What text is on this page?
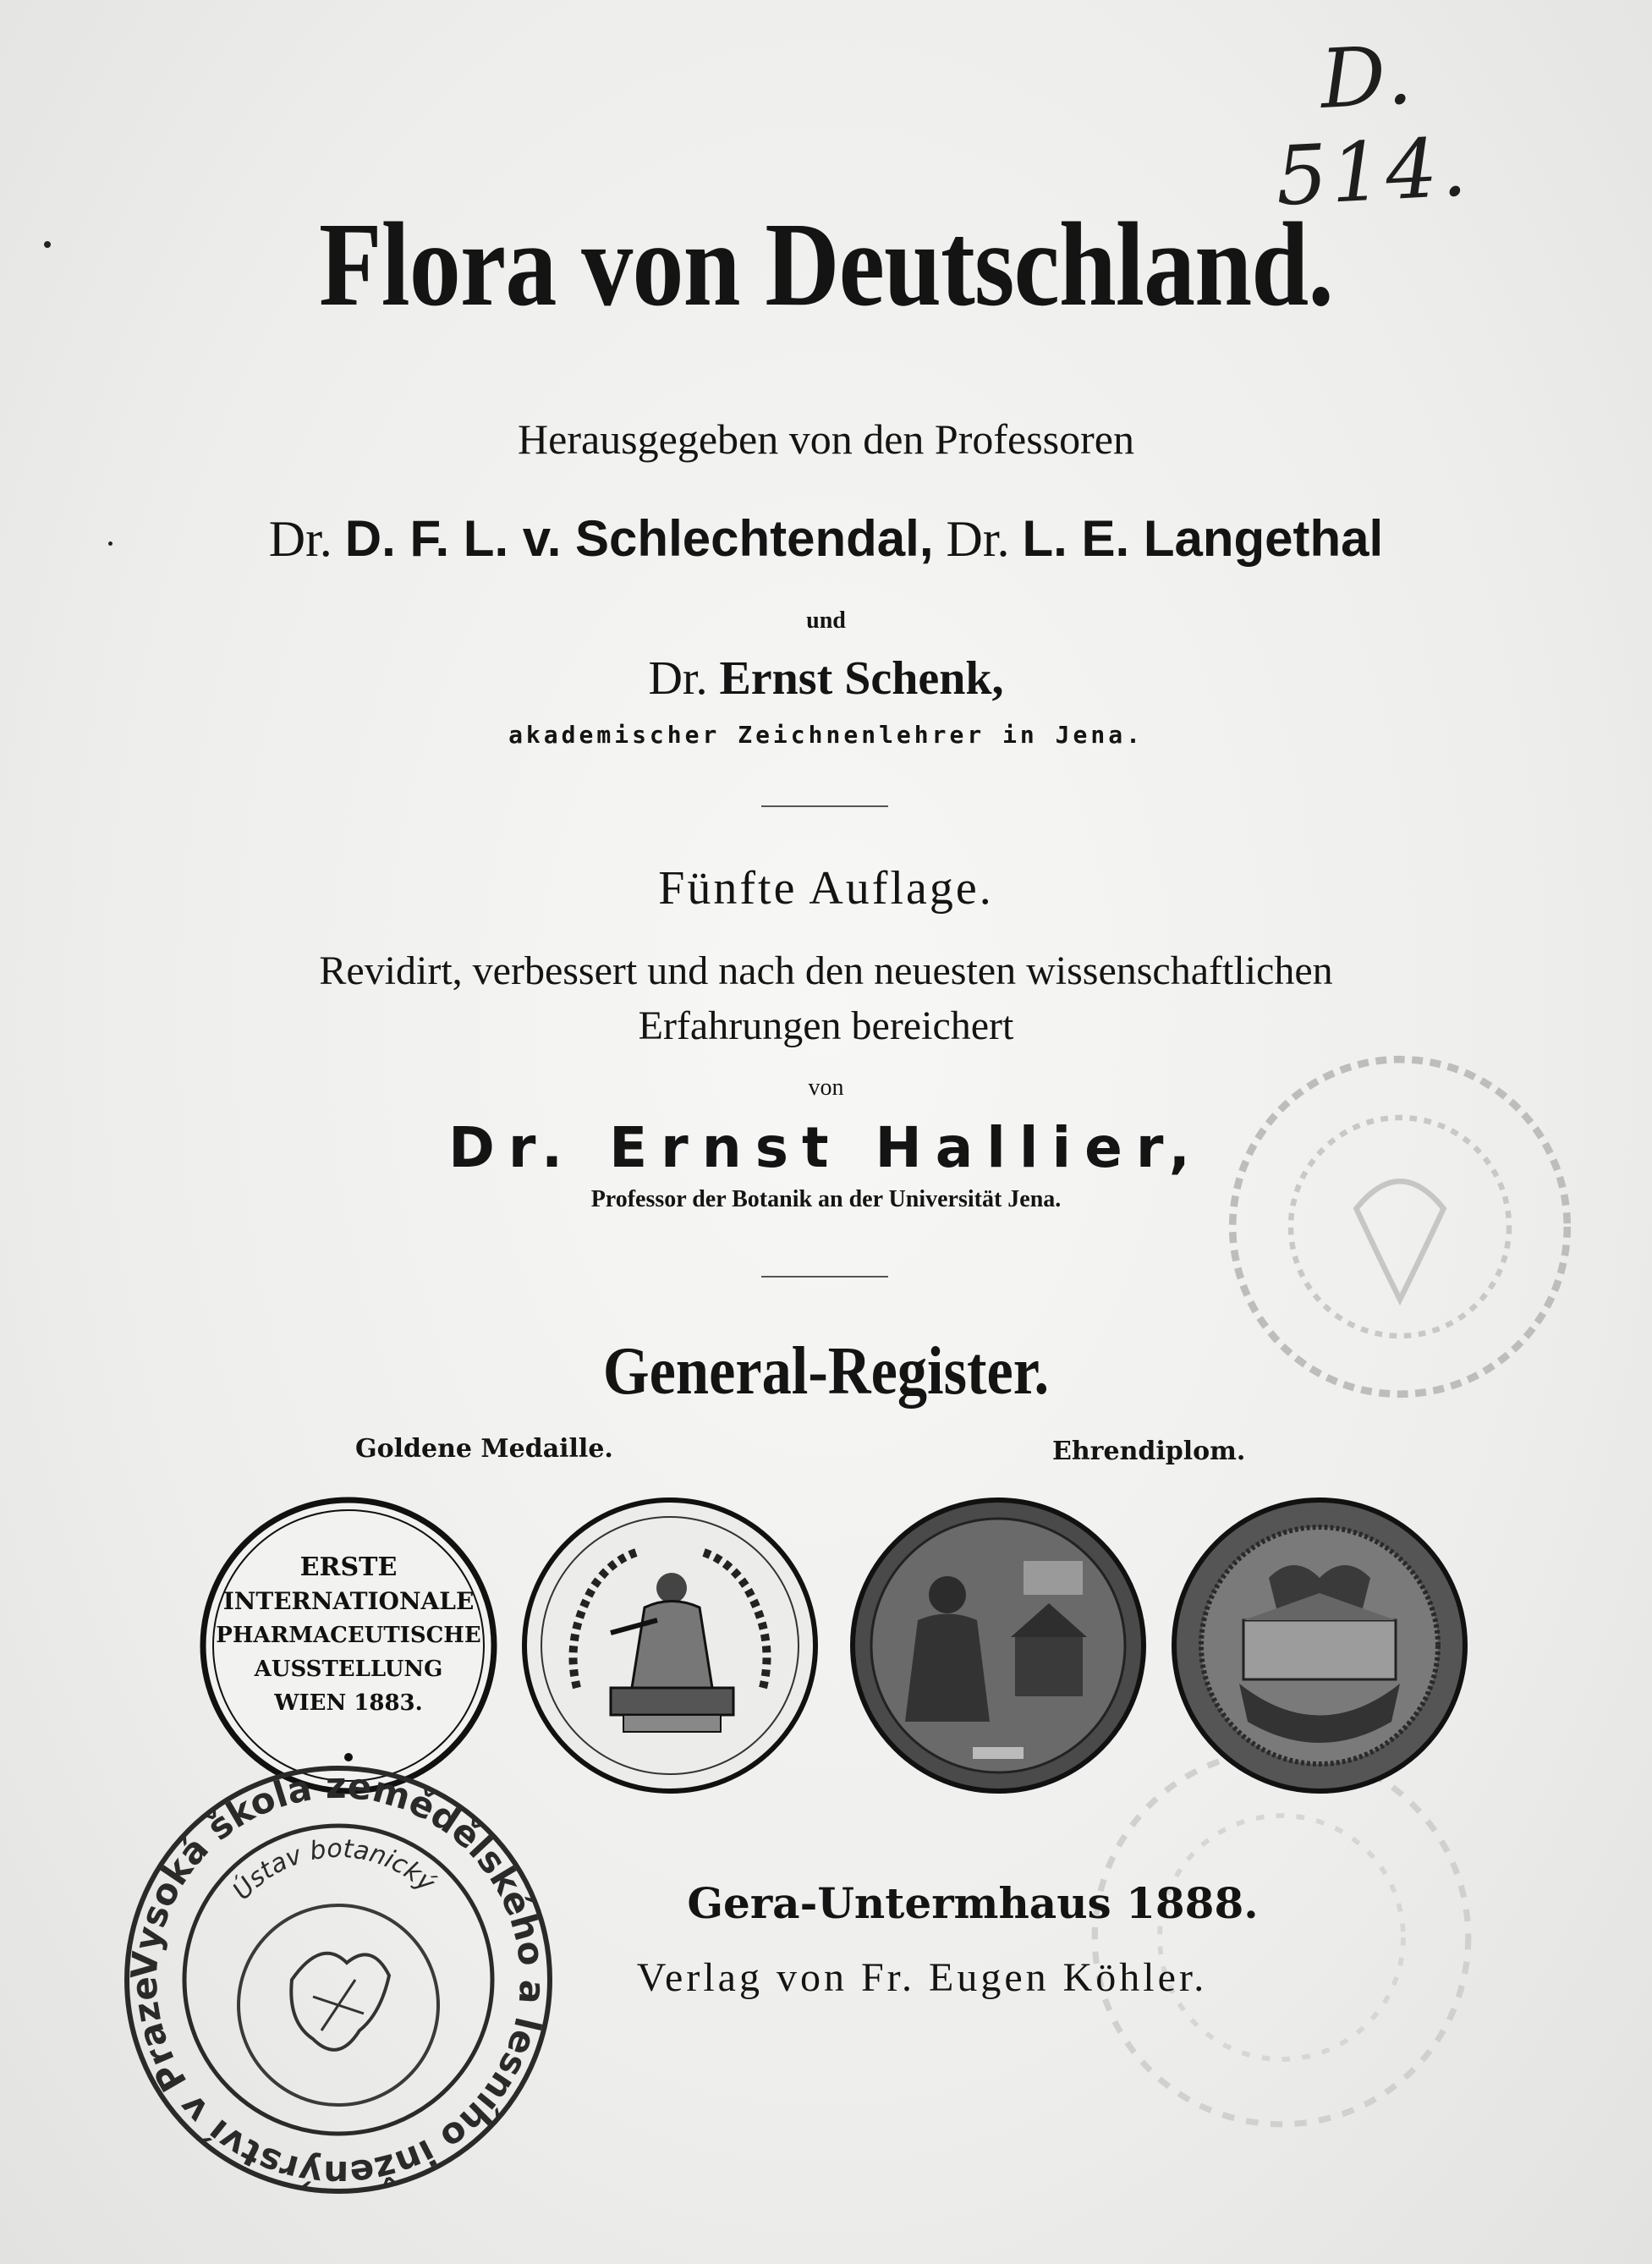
D. 514.
Flora von Deutschland.
Herausgegeben von den Professoren
Dr. D. F. L. v. Schlechtendal, Dr. L. E. Langethal
und
Dr. Ernst Schenk,
akademischer Zeichnenlehrer in Jena.
Fünfte Auflage.
Revidirt, verbessert und nach den neuesten wissenschaftlichen
Erfahrungen bereichert
von
Dr. Ernst Hallier,
Professor der Botanik an der Universität Jena.
General-Register.
Goldene Medaille.	Ehrendiplom.
ERSTE
INTERNATIONALE
PHARMACEUTISCHE
AUSSTELLUNG
WIEN 1883.
Gera-Untermhaus 1888.
Verlag von Fr. Eugen Köhler.
Vysoká škola zemědělského a lesního inženýrství v Praze
Ústav botanický
